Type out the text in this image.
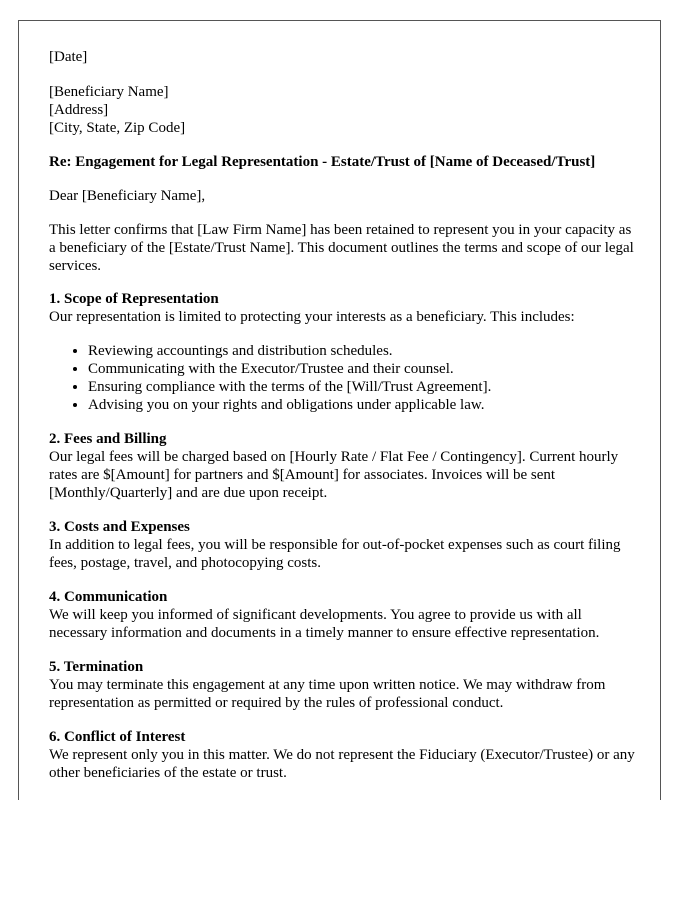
[Date]

[Beneficiary Name]
[Address]
[City, State, Zip Code]

Re: Engagement for Legal Representation - Estate/Trust of [Name of Deceased/Trust]

Dear [Beneficiary Name],

This letter confirms that [Law Firm Name] has been retained to represent you in your capacity as a beneficiary of the [Estate/Trust Name]. This document outlines the terms and scope of our legal services.

1. Scope of Representation
Our representation is limited to protecting your interests as a beneficiary. This includes:
• Reviewing accountings and distribution schedules.
• Communicating with the Executor/Trustee and their counsel.
• Ensuring compliance with the terms of the [Will/Trust Agreement].
• Advising you on your rights and obligations under applicable law.
2. Fees and Billing
Our legal fees will be charged based on [Hourly Rate / Flat Fee / Contingency]. Current hourly rates are $[Amount] for partners and $[Amount] for associates. Invoices will be sent [Monthly/Quarterly] and are due upon receipt.
3. Costs and Expenses
In addition to legal fees, you will be responsible for out-of-pocket expenses such as court filing fees, postage, travel, and photocopying costs.
4. Communication
We will keep you informed of significant developments. You agree to provide us with all necessary information and documents in a timely manner to ensure effective representation.
5. Termination
You may terminate this engagement at any time upon written notice. We may withdraw from representation as permitted or required by the rules of professional conduct.
6. Conflict of Interest
We represent only you in this matter. We do not represent the Fiduciary (Executor/Trustee) or any other beneficiaries of the estate or trust.
